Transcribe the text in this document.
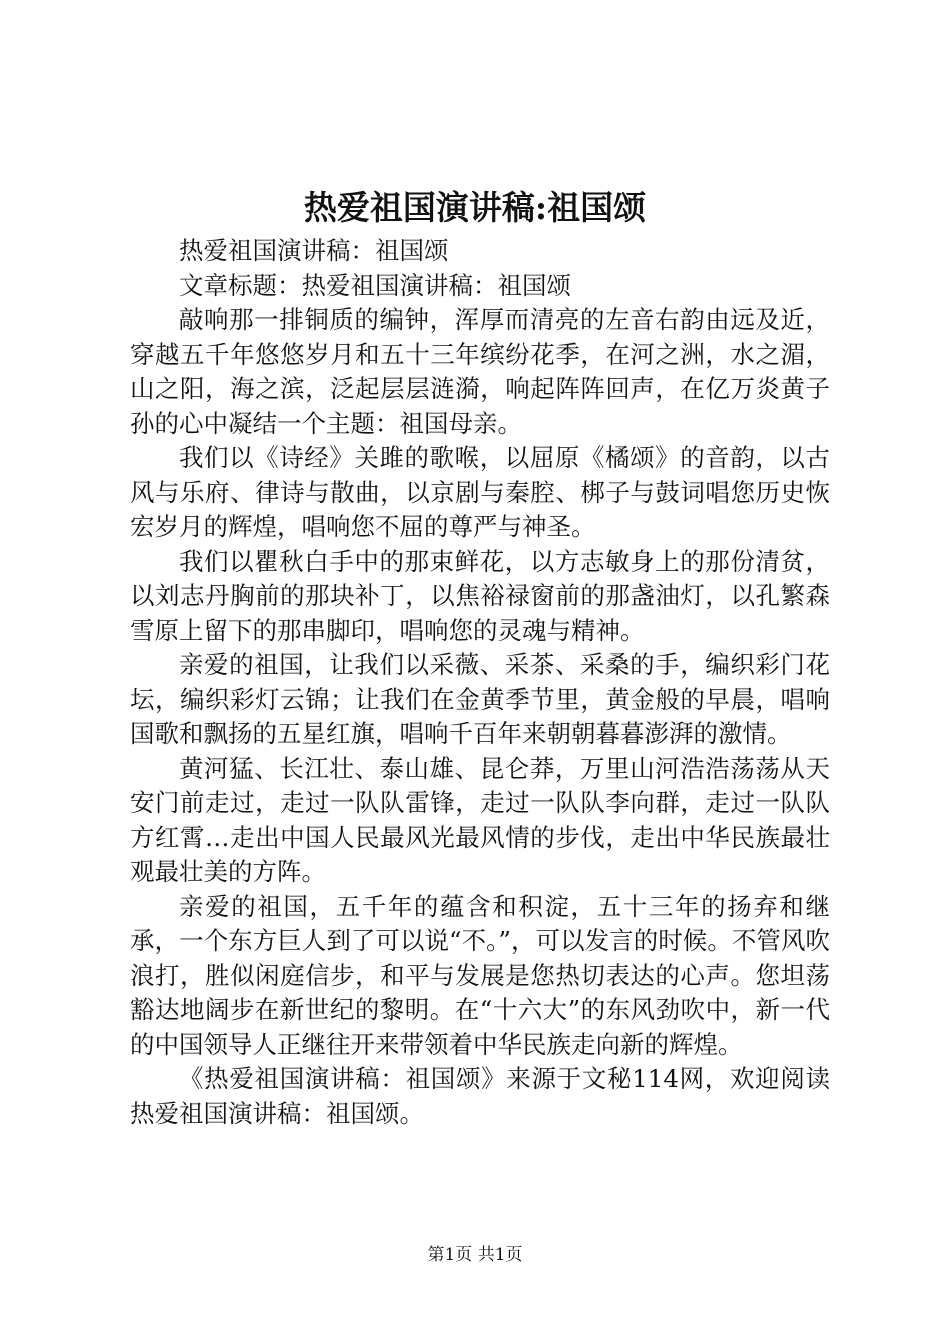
热爱祖国演讲稿:祖国颂

热爱祖国演讲稿：祖国颂

文章标题：热爱祖国演讲稿：祖国颂

敲响那一排铜质的编钟，浑厚而清亮的左音右韵由远及近，穿越五千年悠悠岁月和五十三年缤纷花季，在河之洲，水之湄，山之阳，海之滨，泛起层层涟漪，响起阵阵回声，在亿万炎黄子孙的心中凝结一个主题：祖国母亲。

我们以《诗经》关雎的歌喉，以屈原《橘颂》的音韵，以古风与乐府、律诗与散曲，以京剧与秦腔、梆子与鼓词唱您历史恢宏岁月的辉煌，唱响您不屈的尊严与神圣。

我们以瞿秋白手中的那束鲜花，以方志敏身上的那份清贫，以刘志丹胸前的那块补丁，以焦裕禄窗前的那盏油灯，以孔繁森雪原上留下的那串脚印，唱响您的灵魂与精神。

亲爱的祖国，让我们以采薇、采茶、采桑的手，编织彩门花坛，编织彩灯云锦；让我们在金黄季节里，黄金般的早晨，唱响国歌和飘扬的五星红旗，唱响千百年来朝朝暮暮澎湃的激情。

黄河猛、长江壮、泰山雄、昆仑莽，万里山河浩浩荡荡从天安门前走过，走过一队队雷锋，走过一队队李向群，走过一队队方红霄…走出中国人民最风光最风情的步伐，走出中华民族最壮观最壮美的方阵。

亲爱的祖国，五千年的蕴含和积淀，五十三年的扬弃和继承，一个东方巨人到了可以说“不。”，可以发言的时候。不管风吹浪打，胜似闲庭信步，和平与发展是您热切表达的心声。您坦荡豁达地阔步在新世纪的黎明。在“十六大”的东风劲吹中，新一代的中国领导人正继往开来带领着中华民族走向新的辉煌。

《热爱祖国演讲稿：祖国颂》来源于文秘114网，欢迎阅读热爱祖国演讲稿：祖国颂。

第1页 共1页
